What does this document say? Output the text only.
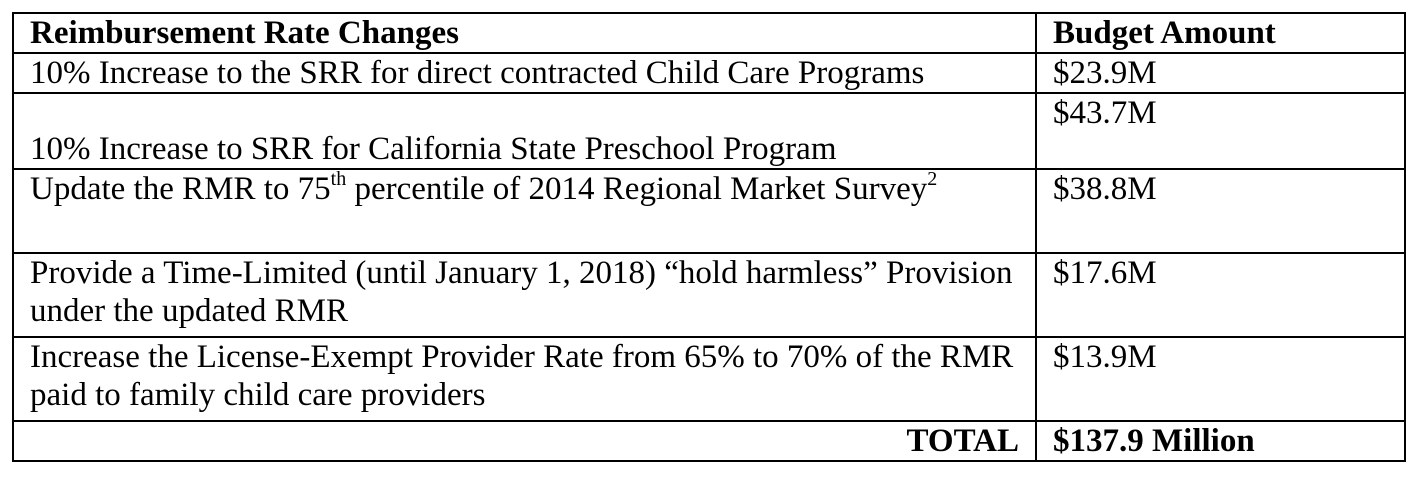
Reimbursement Rate Changes	Budget Amount
10% Increase to the SRR for direct contracted Child Care Programs	$23.9M
10% Increase to SRR for California State Preschool Program	$43.7M
Update the RMR to 75th percentile of 2014 Regional Market Survey$^2$	$38.8M
Provide a Time-Limited (until January 1, 2018) “hold harmless” Provision under the updated RMR	$17.6M
Increase the License-Exempt Provider Rate from 65% to 70% of the RMR paid to family child care providers	$13.9M
TOTAL	$137.9 Million
